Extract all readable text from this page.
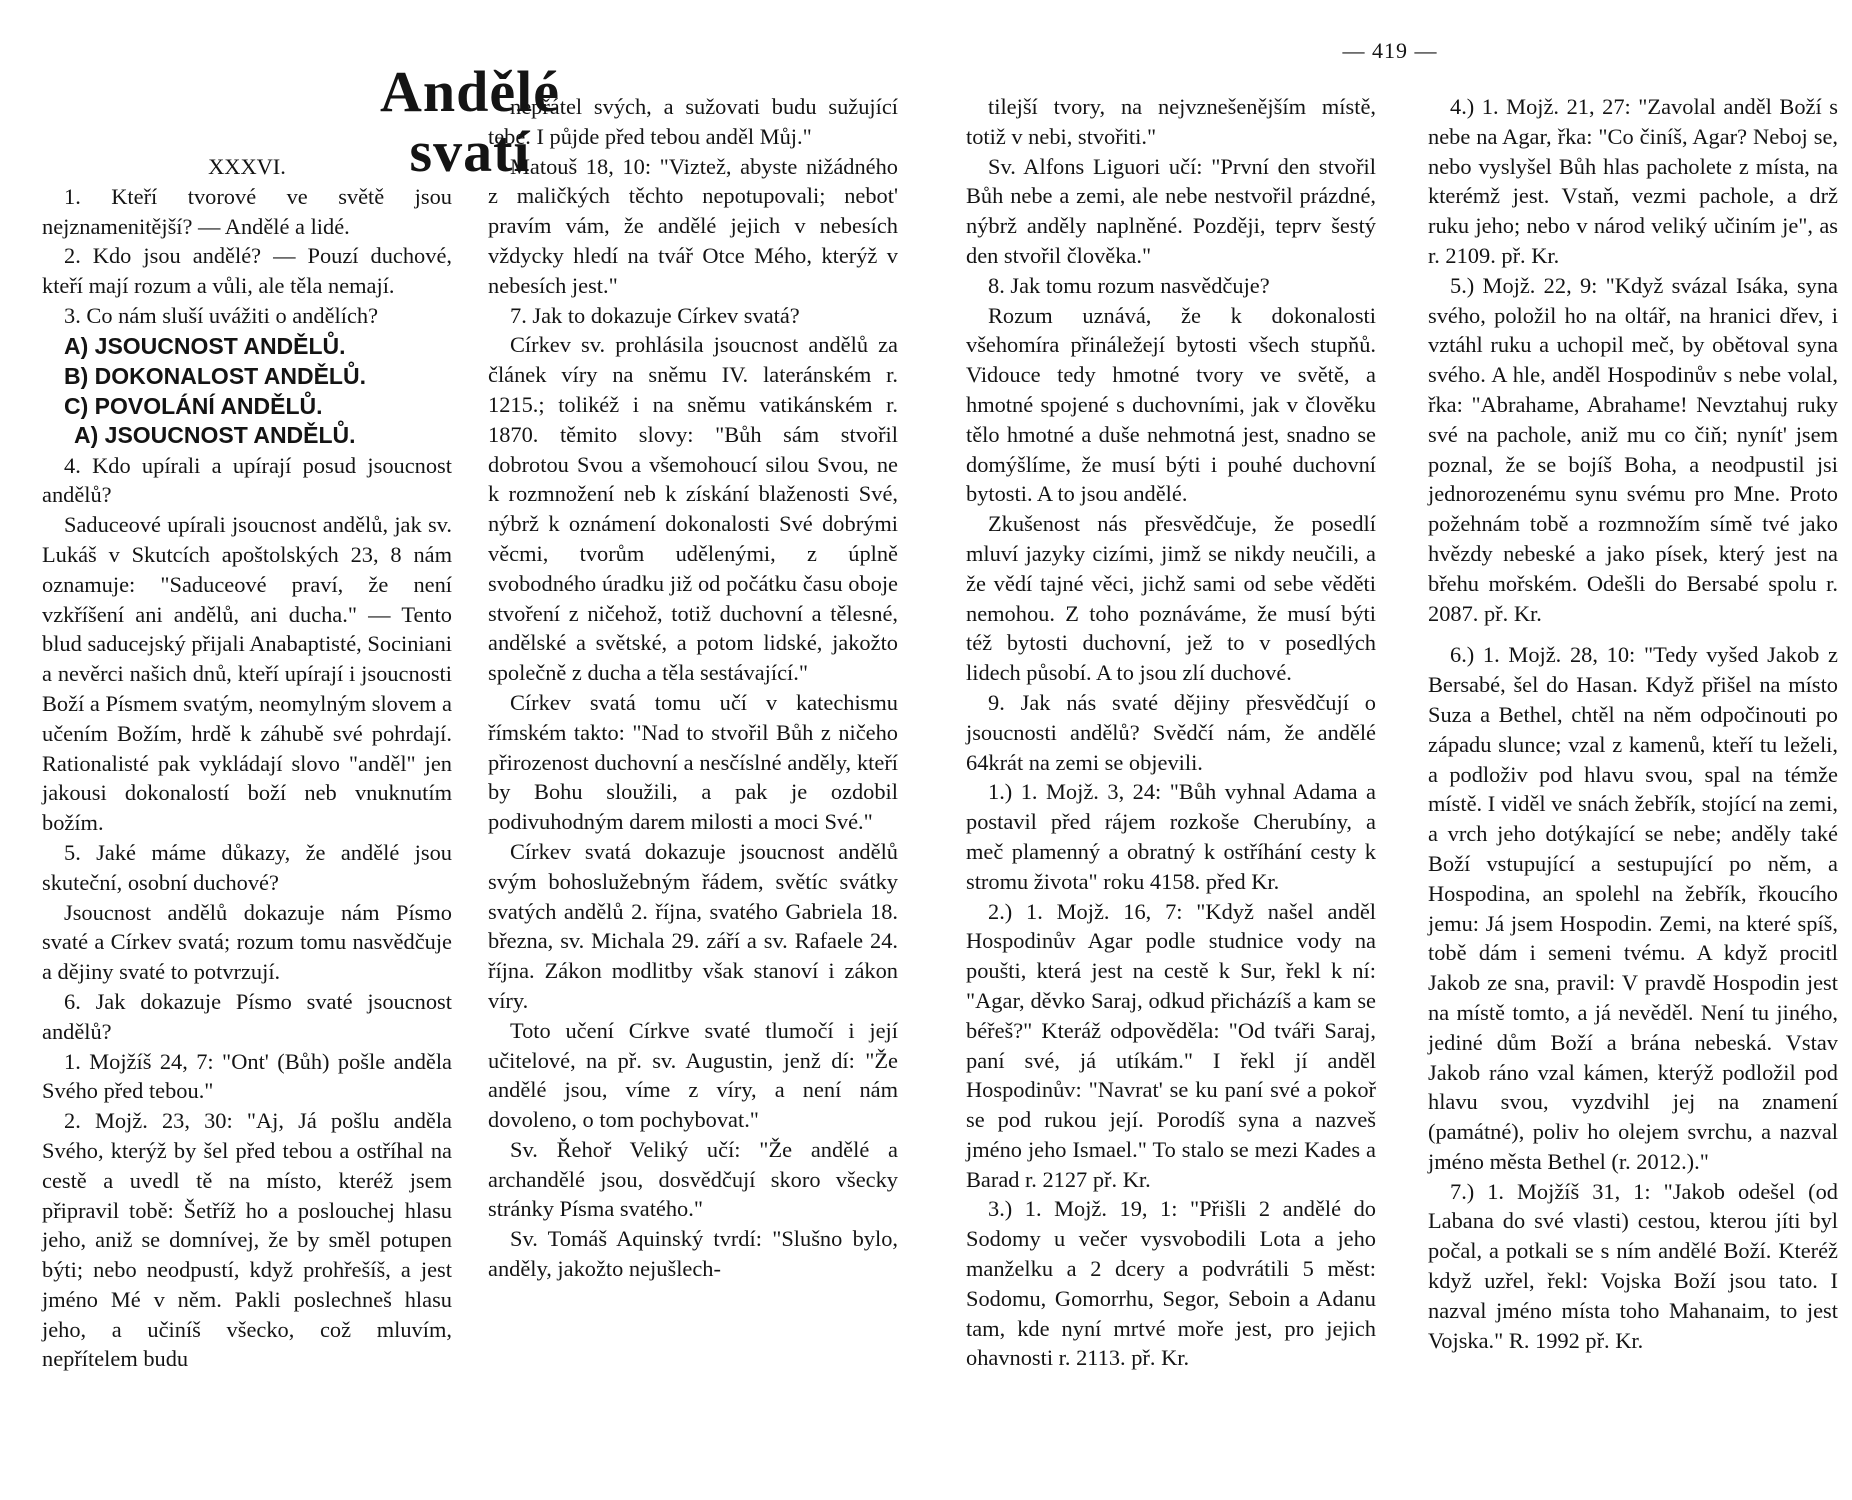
— 419 —
Andělé svatí

XXXVI.

1. Kteří tvorové ve světě jsou nejznamenitější? — Andělé a lidé.

2. Kdo jsou andělé? — Pouzí duchové, kteří mají rozum a vůli, ale těla nemají.

3. Co nám sluší uvážiti o andělích?

A) JSOUCNOST ANDĚLŮ.
B) DOKONALOST ANDĚLŮ.
C) POVOLÁNÍ ANDĚLŮ.

A) JSOUCNOST ANDĚLŮ.

4. Kdo upírali a upírají posud jsoucnost andělů?

Saduceové upírali jsoucnost andělů, jak sv. Lukáš v Skutcích apoštolských 23, 8 nám oznamuje: "Saduceové praví, že není vzkříšení ani andělů, ani ducha." — Tento blud saducejský přijali Anabaptisté, Sociniani a nevěrci našich dnů, kteří upírají i jsoucnosti Boží a Písmem svatým, neomylným slovem a učením Božím, hrdě k záhubě své pohrdají. Rationalisté pak vykládají slovo "anděl" jen jakousi dokonalostí boží neb vnuknutím božím.

5. Jaké máme důkazy, že andělé jsou skuteční, osobní duchové?

Jsoucnost andělů dokazuje nám Písmo svaté a Církev svatá; rozum tomu nasvědčuje a dějiny svaté to potvrzují.

6. Jak dokazuje Písmo svaté jsoucnost andělů?

1. Mojžíš 24, 7: "Ont' (Bůh) pošle anděla Svého před tebou."

2. Mojž. 23, 30: "Aj, Já pošlu anděla Svého, kterýž by šel před tebou a ostříhal na cestě a uvedl tě na místo, kteréž jsem připravil tobě: Šetříž ho a poslouchej hlasu jeho, aniž se domnívej, že by směl potupen býti; nebo neodpustí, když prohřešíš, a jest jméno Mé v něm. Pakli poslechneš hlasu jeho, a učiníš všecko, což mluvím, nepřítelem budu

nepřátel svých, a sužovati budu sužující tebe. I půjde před tebou anděl Můj."

Matouš 18, 10: "Viztež, abyste nižádného z maličkých těchto nepotupovali; nebot' pravím vám, že andělé jejich v nebesích vždycky hledí na tvář Otce Mého, kterýž v nebesích jest."

7. Jak to dokazuje Církev svatá?

Církev sv. prohlásila jsoucnost andělů za článek víry na sněmu IV. lateránském r. 1215.; tolikéž i na sněmu vatikánském r. 1870. těmito slovy: "Bůh sám stvořil dobrotou Svou a všemohoucí silou Svou, ne k rozmnožení neb k získání blaženosti Své, nýbrž k oznámení dokonalosti Své dobrými věcmi, tvorům udělenými, z úplně svobodného úradku již od počátku času obojе stvoření z ničehož, totiž duchovní a tělesné, andělské a světské, a potom lidské, jakožto společně z ducha a těla sestávající."

Církev svatá tomu učí v katechismu římském takto: "Nad to stvořil Bůh z ničeho přirozenost duchovní a nesčíslné anděly, kteří by Bohu sloužili, a pak je ozdobil podivuhodným darem milosti a moci Své."

Církev svatá dokazuje jsoucnost andělů svým bohoslužebným řádem, světíc svátky svatých andělů 2. října, svatého Gabriela 18. března, sv. Michala 29. září a sv. Rafaele 24. října. Zákon modlitby však stanoví i zákon víry.

Toto učení Církve svaté tlumočí i její učitelové, na př. sv. Augustin, jenž dí: "Že andělé jsou, víme z víry, a není nám dovoleno, o tom pochybovat."

Sv. Řehoř Veliký učí: "Že andělé a archandělé jsou, dosvědčují skoro všecky stránky Písma svatého."

Sv. Tomáš Aquinský tvrdí: "Slušno bylo, anděly, jakožto nejušlech-

tilejší tvory, na nejvznešenějším místě, totiž v nebi, stvořiti."

Sv. Alfons Liguori učí: "První den stvořil Bůh nebe a zemi, ale nebe nestvořil prázdné, nýbrž anděly naplněné. Později, teprv šestý den stvořil člověka."

8. Jak tomu rozum nasvědčuje?

Rozum uznává, že k dokonalosti všehomíra přináležejí bytosti všech stupňů. Vidouce tedy hmotné tvory ve světě, a hmotné spojené s duchovními, jak v člověku tělo hmotné a duše nehmotná jest, snadno se domýšlíme, že musí býti i pouhé duchovní bytosti. A to jsou andělé.

Zkušenost nás přesvědčuje, že posedlí mluví jazyky cizími, jimž se nikdy neučili, a že vědí tajné věci, jichž sami od sebe věděti nemohou. Z toho poznáváme, že musí býti též bytosti duchovní, jež to v posedlých lidech působí. A to jsou zlí duchové.

9. Jak nás svaté dějiny přesvědčují o jsoucnosti andělů? Svědčí nám, že andělé 64krát na zemi se objevili.

1.) 1. Mojž. 3, 24: "Bůh vyhnal Adama a postavil před rájem rozkoše Cherubíny, a meč plamenný a obratný k ostříhání cesty k stromu života" roku 4158. před Kr.

2.) 1. Mojž. 16, 7: "Když našel anděl Hospodinův Agar podle studnice vody na poušti, která jest na cestě k Sur, řekl k ní: "Agar, děvko Saraj, odkud přicházíš a kam se béřeš?" Kteráž odpověděla: "Od tváři Saraj, paní své, já utíkám." I řekl jí anděl Hospodinův: "Navrat' se ku paní své a pokoř se pod rukou její. Porodíš syna a nazveš jméno jeho Ismael." To stalo se mezi Kades a Barad r. 2127 př. Kr.

3.) 1. Mojž. 19, 1: "Přišli 2 andělé do Sodomy u večer vysvobodili Lota a jeho manželku a 2 dcery a podvrátili 5 měst: Sodomu, Gomorrhu, Segor, Seboin a Adanu tam, kde nyní mrtvé moře jest, pro jejich ohavnosti r. 2113. př. Kr.

4.) 1. Mojž. 21, 27: "Zavolal anděl Boží s nebe na Agar, řka: "Co činíš, Agar? Neboj se, nebo vyslyšel Bůh hlas pacholete z místa, na kterémž jest. Vstaň, vezmi pachole, a drž ruku jeho; nebo v národ veliký učiním je", as r. 2109. př. Kr.

5.) Mojž. 22, 9: "Když svázal Isáka, syna svého, položil ho na oltář, na hranici dřev, i vztáhl ruku a uchopil meč, by obětoval syna svého. A hle, anděl Hospodinův s nebe volal, řka: "Abrahame, Abrahame! Nevztahuj ruky své na pachole, aniž mu co čiň; nynít' jsem poznal, že se bojíš Boha, a neodpustil jsi jednorozenému synu svému pro Mne. Proto požehnám tobě a rozmnožím símě tvé jako hvězdy nebeské a jako písek, který jest na břehu mořském. Odešli do Bersabé spolu r. 2087. př. Kr.

6.) 1. Mojž. 28, 10: "Tedy vyšed Jakob z Bersabé, šel do Hasan. Když přišel na místo Suza a Bethel, chtěl na něm odpočinouti po západu slunce; vzal z kamenů, kteří tu leželi, a podloživ pod hlavu svou, spal na témže místě. I viděl ve snách žebřík, stojící na zemi, a vrch jeho dotýkající se nebe; anděly také Boží vstupující a sestupující po něm, a Hospodina, an spolehl na žebřík, řkoucího jemu: Já jsem Hospodin. Zemi, na které spíš, tobě dám i semeni tvému. A když procitl Jakob ze sna, pravil: V pravdě Hospodin jest na místě tomto, a já nevěděl. Není tu jiného, jediné dům Boží a brána nebeská. Vstav Jakob ráno vzal kámen, kterýž podložil pod hlavu svou, vyzdvihl jej na znamení (památné), poliv ho olejem svrchu, a nazval jméno města Bethel (r. 2012.)."

7.) 1. Mojžíš 31, 1: "Jakob odešel (od Labana do své vlasti) cestou, kterou jíti byl počal, a potkali se s ním andělé Boží. Kteréž když uzřel, řekl: Vojska Boží jsou tato. I nazval jméno místa toho Mahanaim, to jest Vojska." R. 1992 př. Kr.
